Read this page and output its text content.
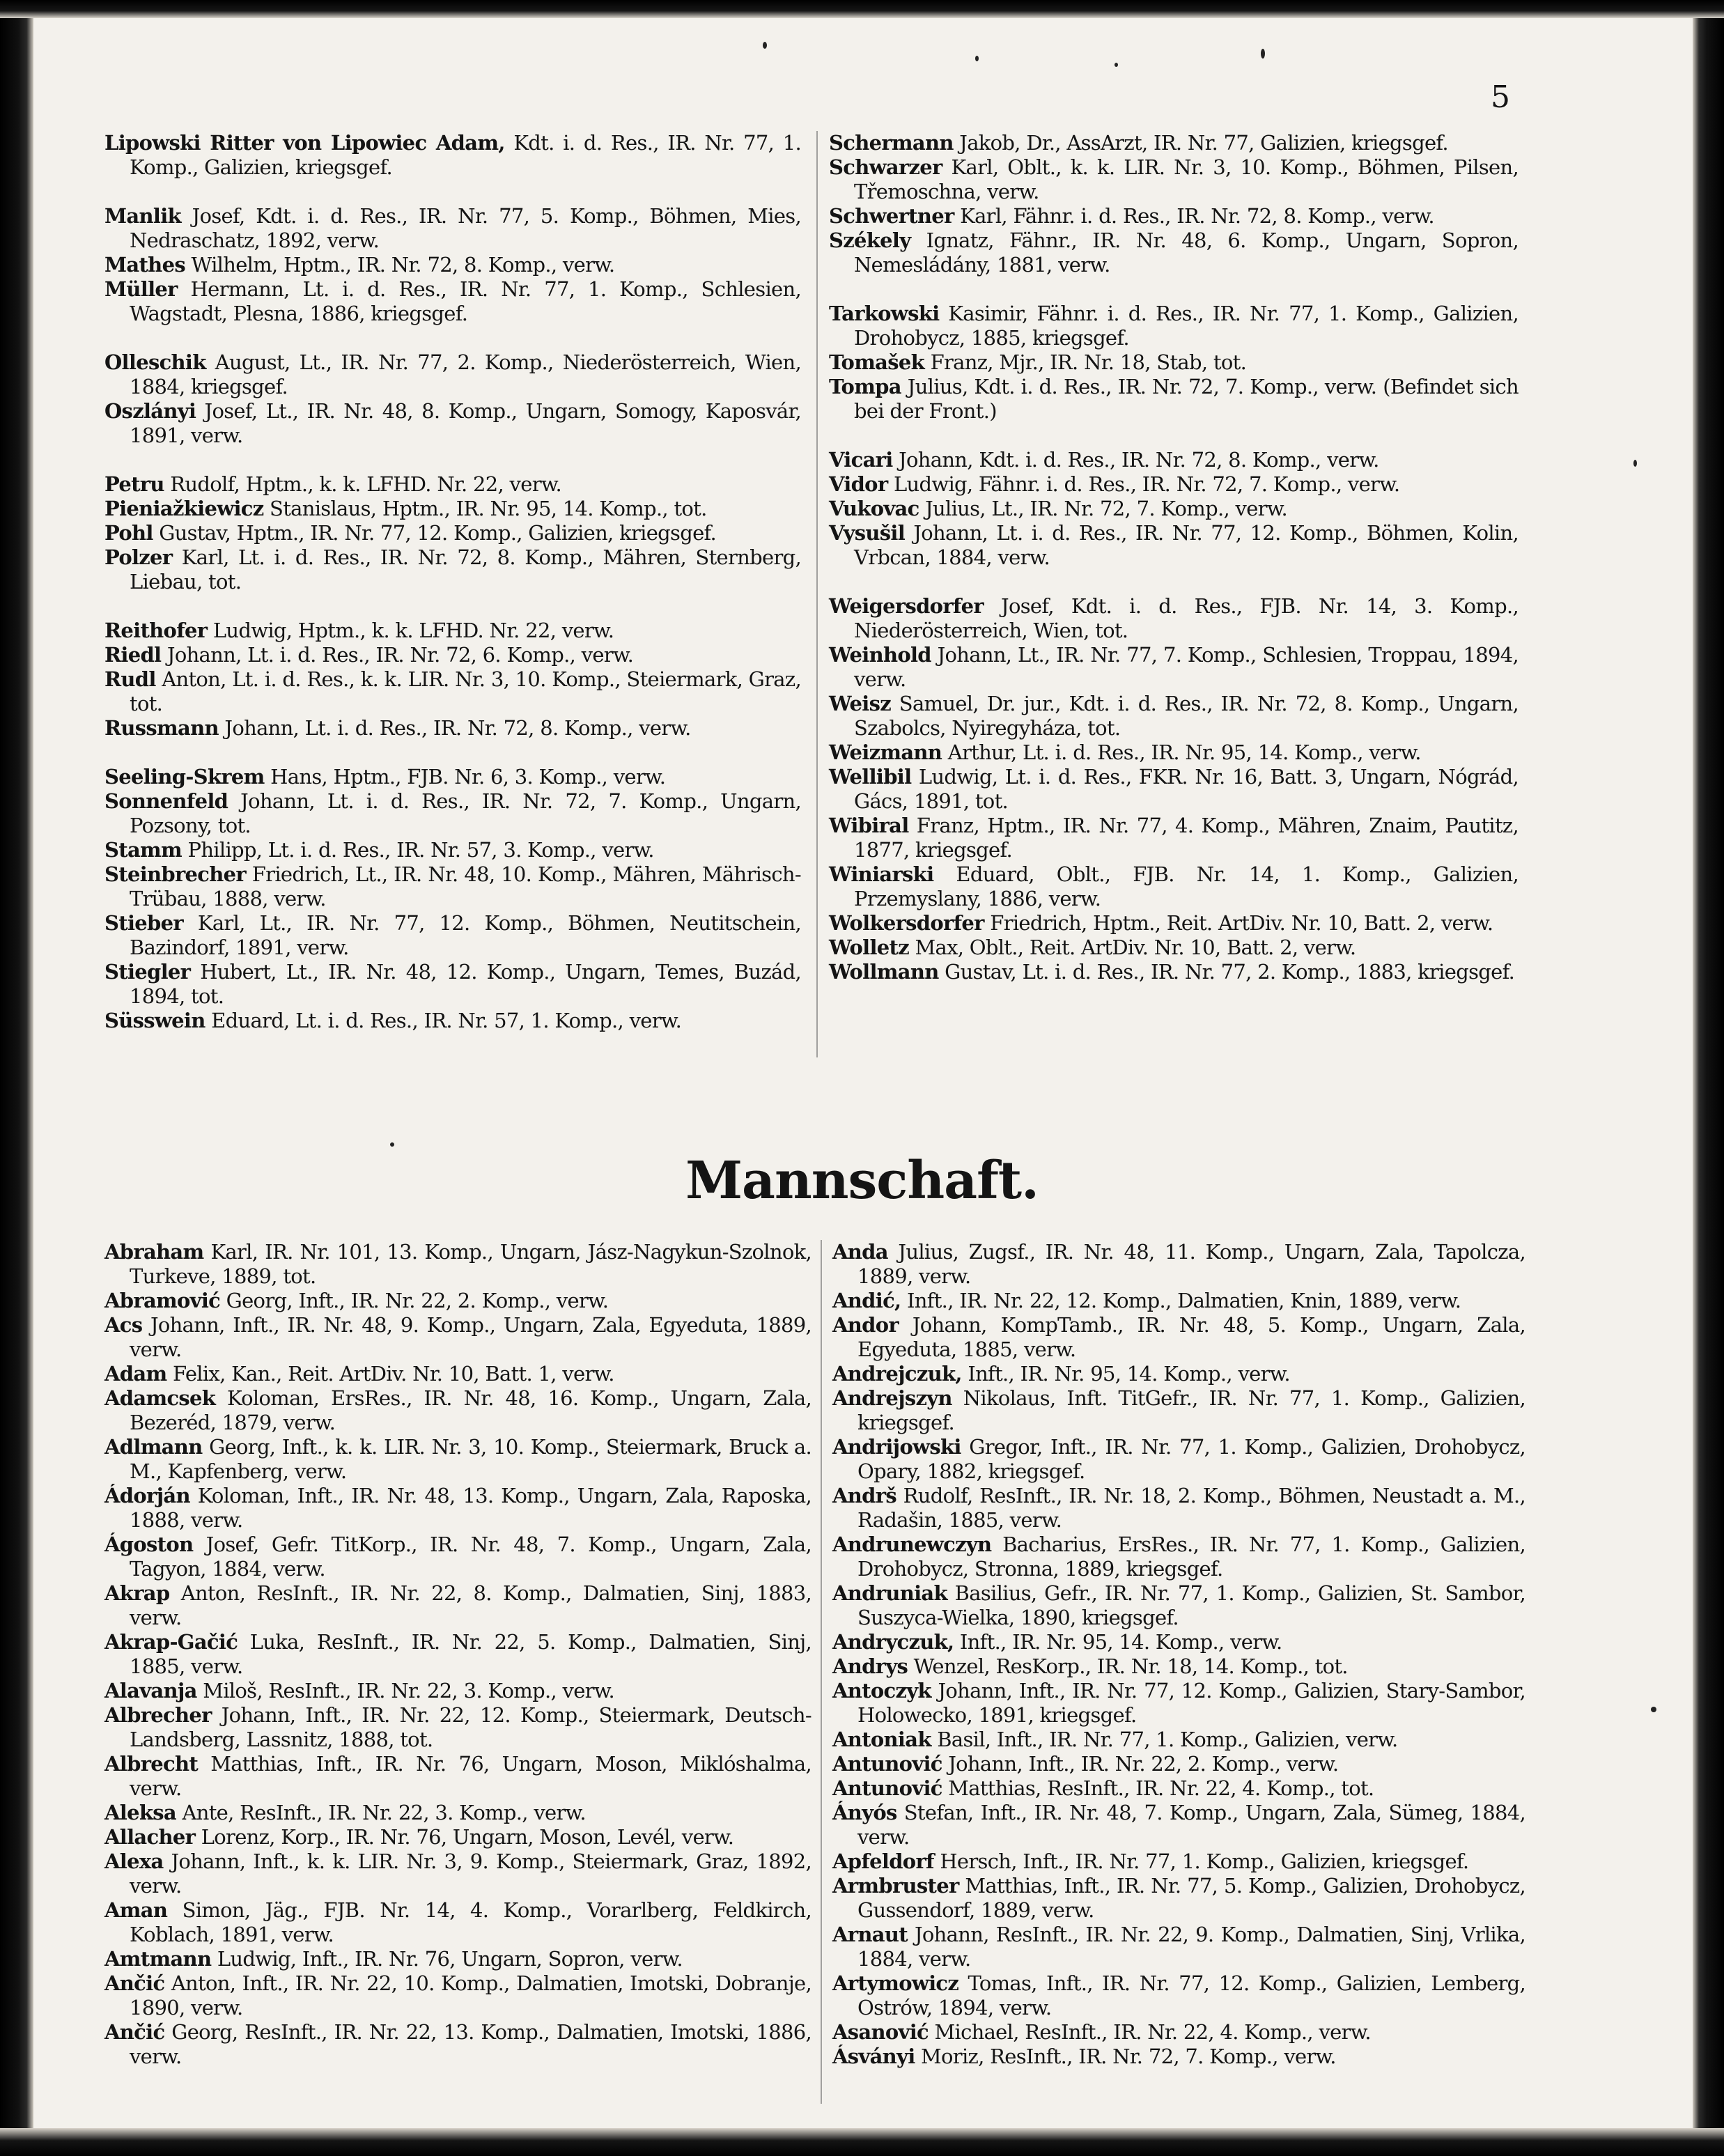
5
Lipowski Ritter von Lipowiec Adam, Kdt. i. d. Res., IR. Nr. 77, 1. Komp., Galizien, kriegsgef.
Manlik Josef, Kdt. i. d. Res., IR. Nr. 77, 5. Komp., Böhmen, Mies, Nedraschatz, 1892, verw.
Mathes Wilhelm, Hptm., IR. Nr. 72, 8. Komp., verw.
Müller Hermann, Lt. i. d. Res., IR. Nr. 77, 1. Komp., Schlesien, Wagstadt, Plesna, 1886, kriegsgef.
Olleschik August, Lt., IR. Nr. 77, 2. Komp., Niederösterreich, Wien, 1884, kriegsgef.
Oszlányi Josef, Lt., IR. Nr. 48, 8. Komp., Ungarn, Somogy, Kaposvár, 1891, verw.
Petru Rudolf, Hptm., k. k. LFHD. Nr. 22, verw.
Pieniažkiewicz Stanislaus, Hptm., IR. Nr. 95, 14. Komp., tot.
Pohl Gustav, Hptm., IR. Nr. 77, 12. Komp., Galizien, kriegsgef.
Polzer Karl, Lt. i. d. Res., IR. Nr. 72, 8. Komp., Mähren, Sternberg, Liebau, tot.
Reithofer Ludwig, Hptm., k. k. LFHD. Nr. 22, verw.
Riedl Johann, Lt. i. d. Res., IR. Nr. 72, 6. Komp., verw.
Rudl Anton, Lt. i. d. Res., k. k. LIR. Nr. 3, 10. Komp., Steiermark, Graz, tot.
Russmann Johann, Lt. i. d. Res., IR. Nr. 72, 8. Komp., verw.
Seeling-Skrem Hans, Hptm., FJB. Nr. 6, 3. Komp., verw.
Sonnenfeld Johann, Lt. i. d. Res., IR. Nr. 72, 7. Komp., Ungarn, Pozsony, tot.
Stamm Philipp, Lt. i. d. Res., IR. Nr. 57, 3. Komp., verw.
Steinbrecher Friedrich, Lt., IR. Nr. 48, 10. Komp., Mähren, Mährisch-Trübau, 1888, verw.
Stieber Karl, Lt., IR. Nr. 77, 12. Komp., Böhmen, Neutitschein, Bazindorf, 1891, verw.
Stiegler Hubert, Lt., IR. Nr. 48, 12. Komp., Ungarn, Temes, Buzád, 1894, tot.
Süsswein Eduard, Lt. i. d. Res., IR. Nr. 57, 1. Komp., verw.
Schermann Jakob, Dr., AssArzt, IR. Nr. 77, Galizien, kriegsgef.
Schwarzer Karl, Oblt., k. k. LIR. Nr. 3, 10. Komp., Böhmen, Pilsen, Třemoschna, verw.
Schwertner Karl, Fähnr. i. d. Res., IR. Nr. 72, 8. Komp., verw.
Székely Ignatz, Fähnr., IR. Nr. 48, 6. Komp., Ungarn, Sopron, Nemesládány, 1881, verw.
Tarkowski Kasimir, Fähnr. i. d. Res., IR. Nr. 77, 1. Komp., Galizien, Drohobycz, 1885, kriegsgef.
Tomašek Franz, Mjr., IR. Nr. 18, Stab, tot.
Tompa Julius, Kdt. i. d. Res., IR. Nr. 72, 7. Komp., verw. (Befindet sich bei der Front.)
Vicari Johann, Kdt. i. d. Res., IR. Nr. 72, 8. Komp., verw.
Vidor Ludwig, Fähnr. i. d. Res., IR. Nr. 72, 7. Komp., verw.
Vukovac Julius, Lt., IR. Nr. 72, 7. Komp., verw.
Vysušil Johann, Lt. i. d. Res., IR. Nr. 77, 12. Komp., Böhmen, Kolin, Vrbcan, 1884, verw.
Weigersdorfer Josef, Kdt. i. d. Res., FJB. Nr. 14, 3. Komp., Niederösterreich, Wien, tot.
Weinhold Johann, Lt., IR. Nr. 77, 7. Komp., Schlesien, Troppau, 1894, verw.
Weisz Samuel, Dr. jur., Kdt. i. d. Res., IR. Nr. 72, 8. Komp., Ungarn, Szabolcs, Nyiregyháza, tot.
Weizmann Arthur, Lt. i. d. Res., IR. Nr. 95, 14. Komp., verw.
Wellibil Ludwig, Lt. i. d. Res., FKR. Nr. 16, Batt. 3, Ungarn, Nógrád, Gács, 1891, tot.
Wibiral Franz, Hptm., IR. Nr. 77, 4. Komp., Mähren, Znaim, Pautitz, 1877, kriegsgef.
Winiarski Eduard, Oblt., FJB. Nr. 14, 1. Komp., Galizien, Przemyslany, 1886, verw.
Wolkersdorfer Friedrich, Hptm., Reit. ArtDiv. Nr. 10, Batt. 2, verw.
Wolletz Max, Oblt., Reit. ArtDiv. Nr. 10, Batt. 2, verw.
Wollmann Gustav, Lt. i. d. Res., IR. Nr. 77, 2. Komp., 1883, kriegsgef.
Mannschaft.
Abraham Karl, IR. Nr. 101, 13. Komp., Ungarn, Jász-Nagykun-Szolnok, Turkeve, 1889, tot.
Abramović Georg, Inft., IR. Nr. 22, 2. Komp., verw.
Acs Johann, Inft., IR. Nr. 48, 9. Komp., Ungarn, Zala, Egyeduta, 1889, verw.
Adam Felix, Kan., Reit. ArtDiv. Nr. 10, Batt. 1, verw.
Adamcsek Koloman, ErsRes., IR. Nr. 48, 16. Komp., Ungarn, Zala, Bezeréd, 1879, verw.
Adlmann Georg, Inft., k. k. LIR. Nr. 3, 10. Komp., Steiermark, Bruck a. M., Kapfenberg, verw.
Ádorján Koloman, Inft., IR. Nr. 48, 13. Komp., Ungarn, Zala, Raposka, 1888, verw.
Ágoston Josef, Gefr. TitKorp., IR. Nr. 48, 7. Komp., Ungarn, Zala, Tagyon, 1884, verw.
Akrap Anton, ResInft., IR. Nr. 22, 8. Komp., Dalmatien, Sinj, 1883, verw.
Akrap-Gačić Luka, ResInft., IR. Nr. 22, 5. Komp., Dalmatien, Sinj, 1885, verw.
Alavanja Miloš, ResInft., IR. Nr. 22, 3. Komp., verw.
Albrecher Johann, Inft., IR. Nr. 22, 12. Komp., Steiermark, Deutsch-Landsberg, Lassnitz, 1888, tot.
Albrecht Matthias, Inft., IR. Nr. 76, Ungarn, Moson, Miklóshalma, verw.
Aleksa Ante, ResInft., IR. Nr. 22, 3. Komp., verw.
Allacher Lorenz, Korp., IR. Nr. 76, Ungarn, Moson, Levél, verw.
Alexa Johann, Inft., k. k. LIR. Nr. 3, 9. Komp., Steiermark, Graz, 1892, verw.
Aman Simon, Jäg., FJB. Nr. 14, 4. Komp., Vorarlberg, Feldkirch, Koblach, 1891, verw.
Amtmann Ludwig, Inft., IR. Nr. 76, Ungarn, Sopron, verw.
Ančić Anton, Inft., IR. Nr. 22, 10. Komp., Dalmatien, Imotski, Dobranje, 1890, verw.
Ančić Georg, ResInft., IR. Nr. 22, 13. Komp., Dalmatien, Imotski, 1886, verw.
Anda Julius, Zugsf., IR. Nr. 48, 11. Komp., Ungarn, Zala, Tapolcza, 1889, verw.
Andić, Inft., IR. Nr. 22, 12. Komp., Dalmatien, Knin, 1889, verw.
Andor Johann, KompTamb., IR. Nr. 48, 5. Komp., Ungarn, Zala, Egyeduta, 1885, verw.
Andrejczuk, Inft., IR. Nr. 95, 14. Komp., verw.
Andrejszyn Nikolaus, Inft. TitGefr., IR. Nr. 77, 1. Komp., Galizien, kriegsgef.
Andrijowski Gregor, Inft., IR. Nr. 77, 1. Komp., Galizien, Drohobycz, Opary, 1882, kriegsgef.
Andrš Rudolf, ResInft., IR. Nr. 18, 2. Komp., Böhmen, Neustadt a. M., Radašin, 1885, verw.
Andrunewczyn Bacharius, ErsRes., IR. Nr. 77, 1. Komp., Galizien, Drohobycz, Stronna, 1889, kriegsgef.
Andruniak Basilius, Gefr., IR. Nr. 77, 1. Komp., Galizien, St. Sambor, Suszyca-Wielka, 1890, kriegsgef.
Andryczuk, Inft., IR. Nr. 95, 14. Komp., verw.
Andrys Wenzel, ResKorp., IR. Nr. 18, 14. Komp., tot.
Antoczyk Johann, Inft., IR. Nr. 77, 12. Komp., Galizien, Stary-Sambor, Holowecko, 1891, kriegsgef.
Antoniak Basil, Inft., IR. Nr. 77, 1. Komp., Galizien, verw.
Antunović Johann, Inft., IR. Nr. 22, 2. Komp., verw.
Antunović Matthias, ResInft., IR. Nr. 22, 4. Komp., tot.
Ányós Stefan, Inft., IR. Nr. 48, 7. Komp., Ungarn, Zala, Sümeg, 1884, verw.
Apfeldorf Hersch, Inft., IR. Nr. 77, 1. Komp., Galizien, kriegsgef.
Armbruster Matthias, Inft., IR. Nr. 77, 5. Komp., Galizien, Drohobycz, Gussendorf, 1889, verw.
Arnaut Johann, ResInft., IR. Nr. 22, 9. Komp., Dalmatien, Sinj, Vrlika, 1884, verw.
Artymowicz Tomas, Inft., IR. Nr. 77, 12. Komp., Galizien, Lemberg, Ostrów, 1894, verw.
Asanović Michael, ResInft., IR. Nr. 22, 4. Komp., verw.
Ásványi Moriz, ResInft., IR. Nr. 72, 7. Komp., verw.
